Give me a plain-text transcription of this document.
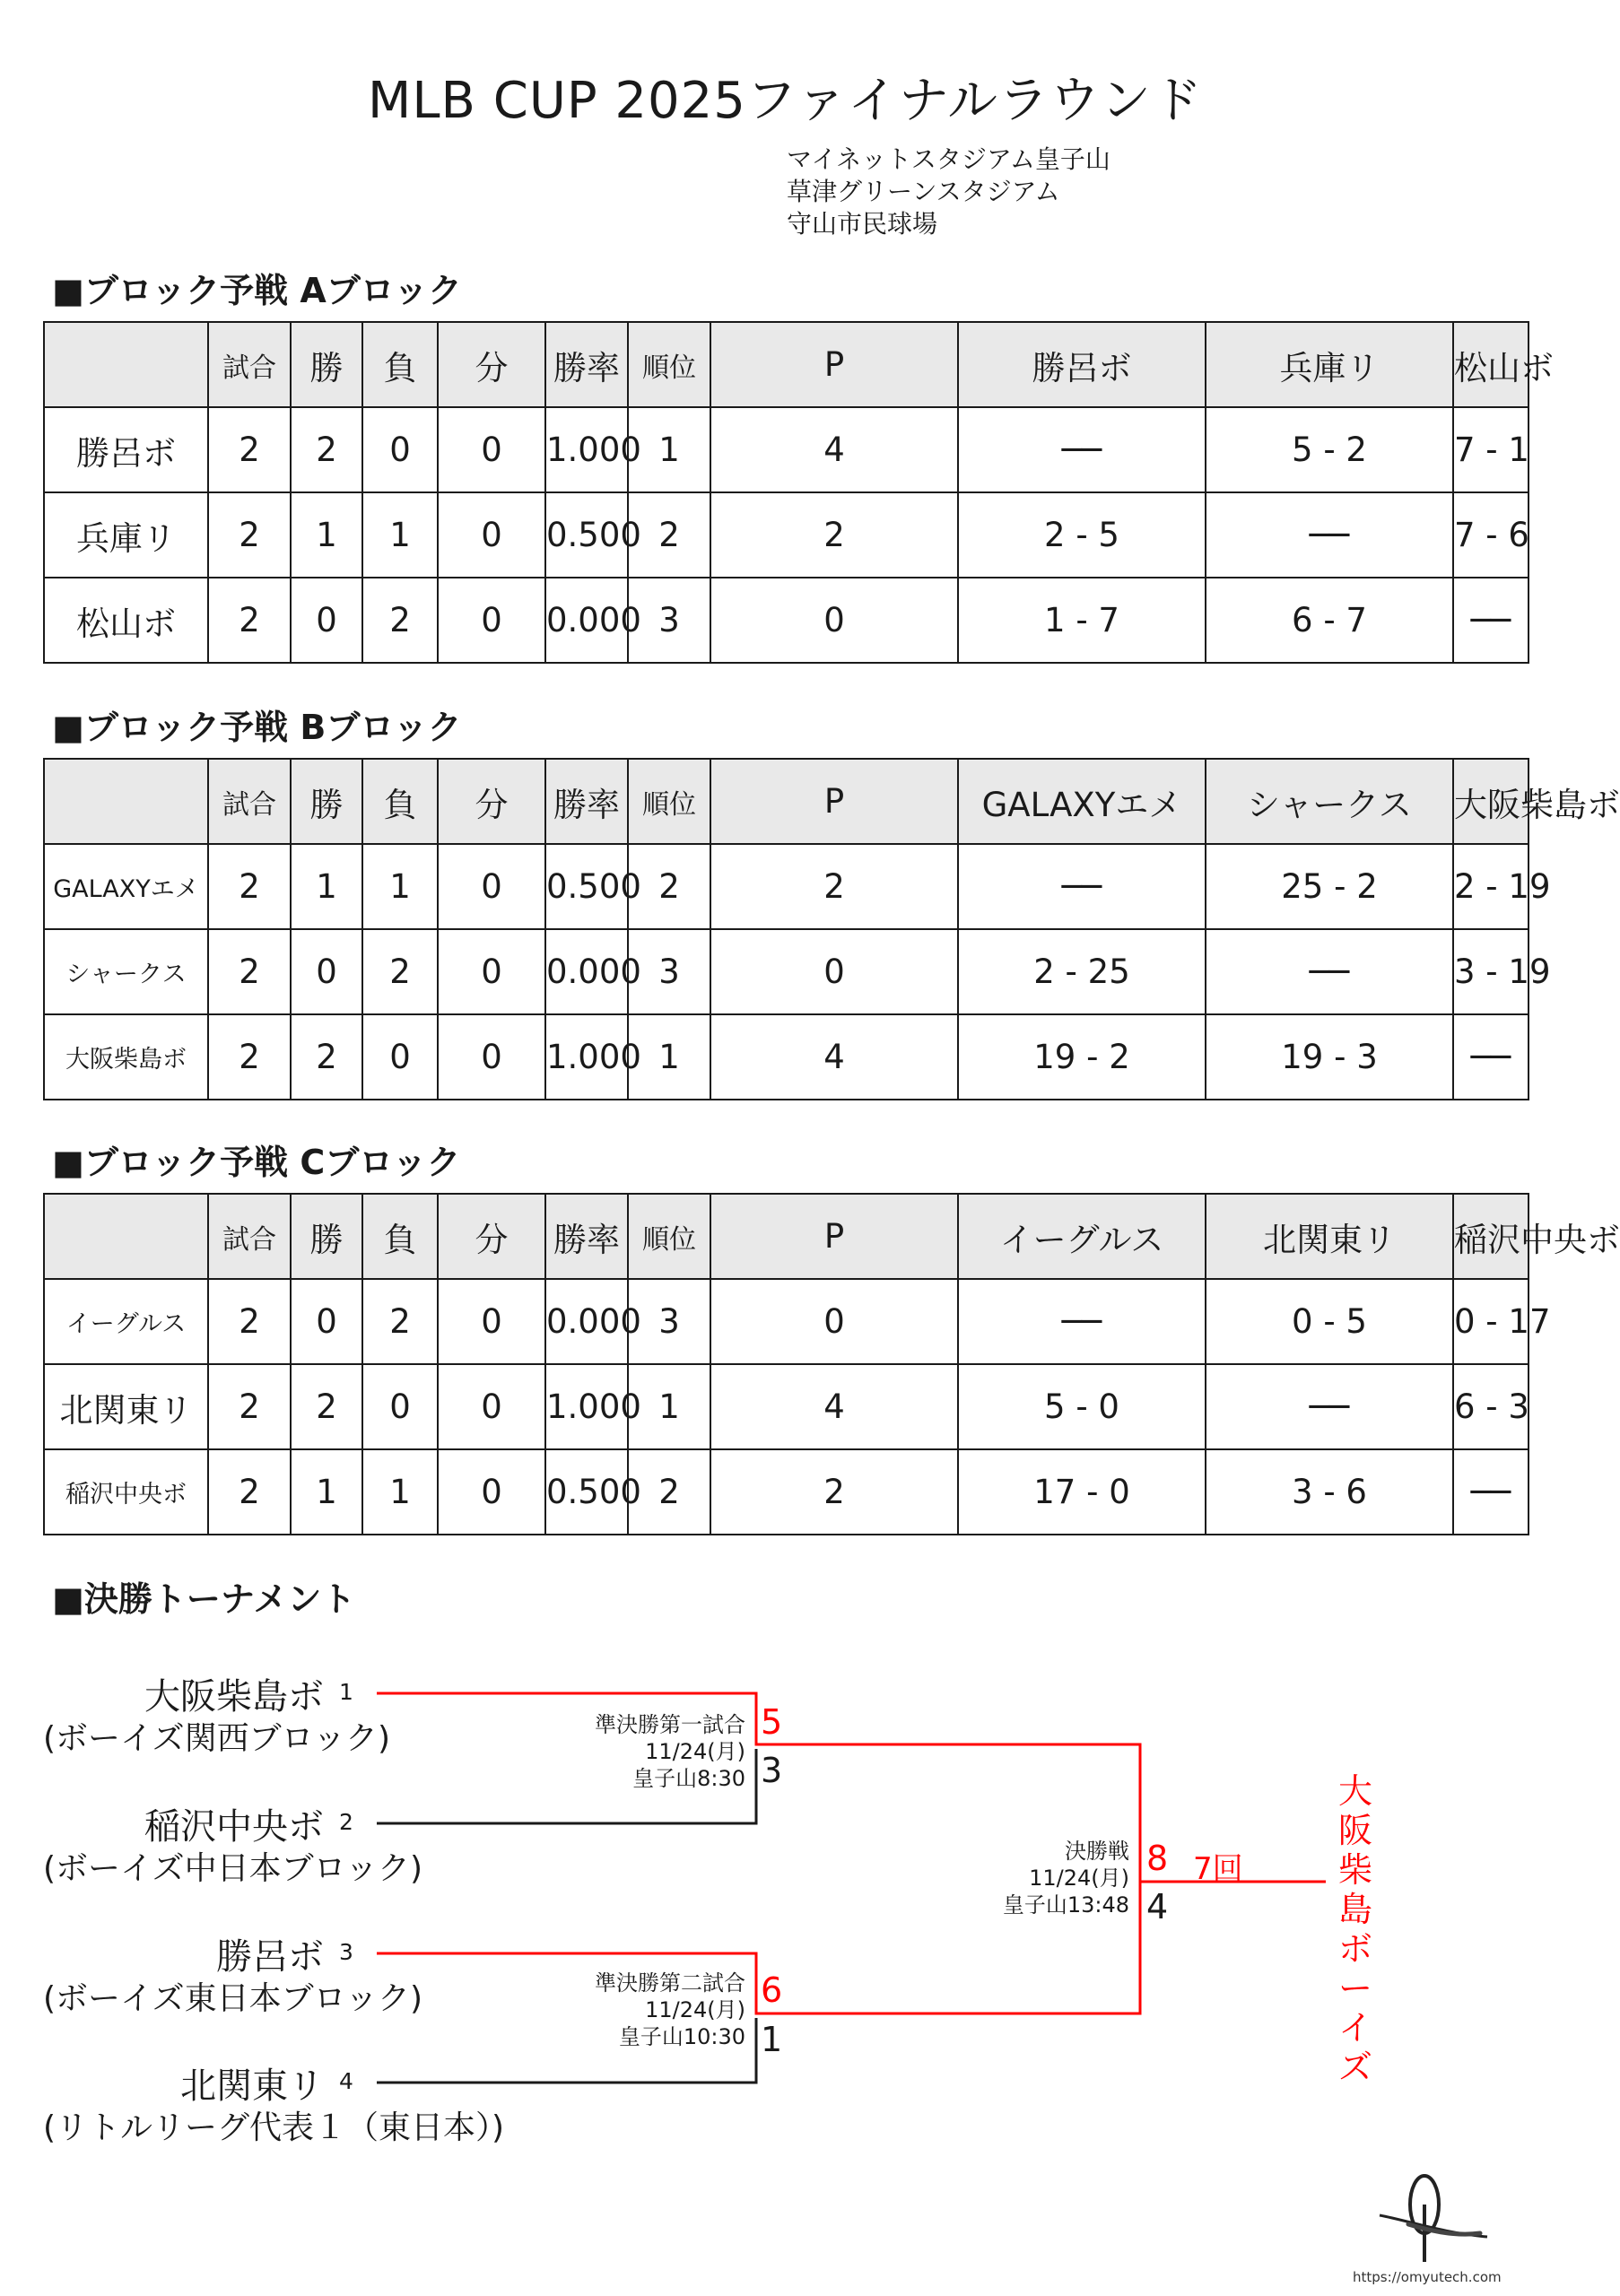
MLB CUP 2025ファイナルラウンド
マイネットスタジアム皇子山
草津グリーンスタジアム
守山市民球場
■ブロック予戦 Aブロック
	試合	勝	負	分	勝率	順位	P	勝呂ボ	兵庫リ	松山ボ
勝呂ボ	2	2	0	0	1.000	1	4	──	5 - 2	7 - 1
兵庫リ	2	1	1	0	0.500	2	2	2 - 5	──	7 - 6
松山ボ	2	0	2	0	0.000	3	0	1 - 7	6 - 7	──
■ブロック予戦 Bブロック
	試合	勝	負	分	勝率	順位	P	GALAXYエメ	シャークス	大阪柴島ボ
GALAXYエメ	2	1	1	0	0.500	2	2	──	25 - 2	2 - 19
シャークス	2	0	2	0	0.000	3	0	2 - 25	──	3 - 19
大阪柴島ボ	2	2	0	0	1.000	1	4	19 - 2	19 - 3	──
■ブロック予戦 Cブロック
	試合	勝	負	分	勝率	順位	P	イーグルス	北関東リ	稲沢中央ボ
イーグルス	2	0	2	0	0.000	3	0	──	0 - 5	0 - 17
北関東リ	2	2	0	0	1.000	1	4	5 - 0	──	6 - 3
稲沢中央ボ	2	1	1	0	0.500	2	2	17 - 0	3 - 6	──
■決勝トーナメント
大阪柴島ボ 1
(ボーイズ関西ブロック)
稲沢中央ボ 2
(ボーイズ中日本ブロック)
勝呂ボ 3
(ボーイズ東日本ブロック)
北関東リ 4
(リトルリーグ代表１（東日本）)
準決勝第一試合
11/24(月)
皇子山8:30
5
3
準決勝第二試合
11/24(月)
皇子山10:30
6
1
決勝戦
11/24(月)
皇子山13:48
8 7回
4
大阪柴島ボーイズ
https://omyutech.com
